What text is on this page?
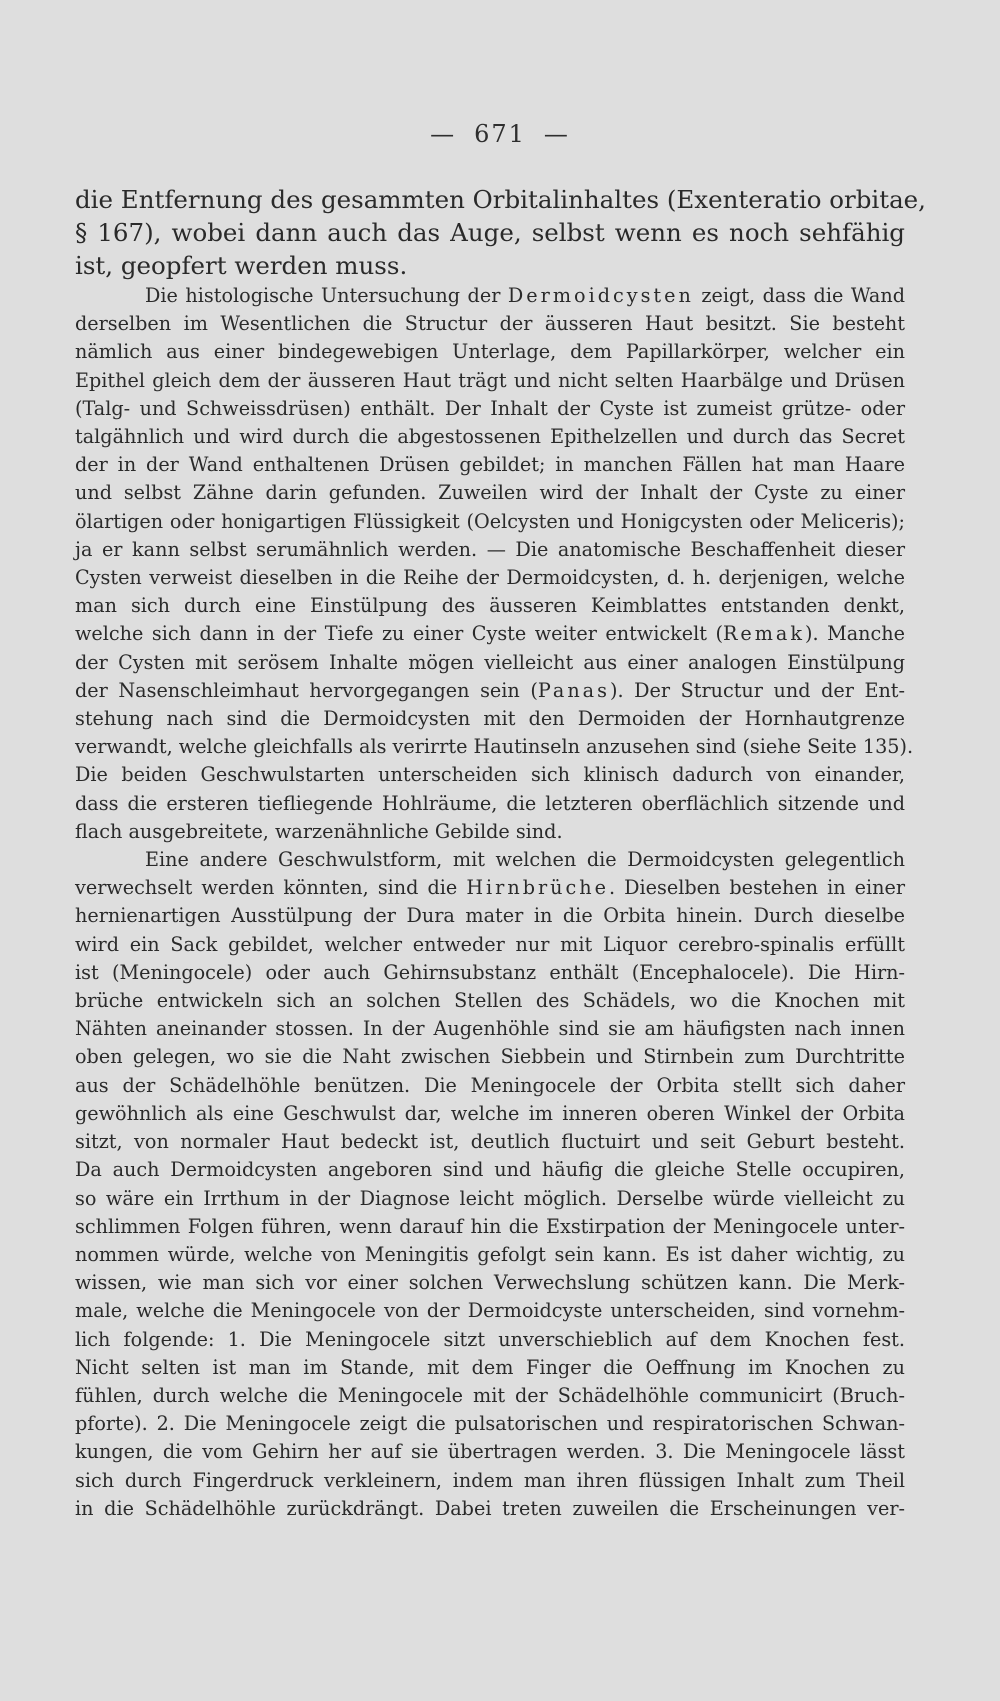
— 671 —
die Entfernung des gesammten Orbitalinhaltes (Exenteratio orbitae,
§ 167), wobei dann auch das Auge, selbst wenn es noch sehfähig
ist, geopfert werden muss.
Die histologische Untersuchung der Dermoidcysten zeigt, dass die Wand
derselben im Wesentlichen die Structur der äusseren Haut besitzt. Sie besteht
nämlich aus einer bindegewebigen Unterlage, dem Papillarkörper, welcher ein
Epithel gleich dem der äusseren Haut trägt und nicht selten Haarbälge und Drüsen
(Talg- und Schweissdrüsen) enthält. Der Inhalt der Cyste ist zumeist grütze- oder
talgähnlich und wird durch die abgestossenen Epithelzellen und durch das Secret
der in der Wand enthaltenen Drüsen gebildet; in manchen Fällen hat man Haare
und selbst Zähne darin gefunden. Zuweilen wird der Inhalt der Cyste zu einer
ölartigen oder honigartigen Flüssigkeit (Oelcysten und Honigcysten oder Meliceris);
ja er kann selbst serumähnlich werden. — Die anatomische Beschaffenheit dieser
Cysten verweist dieselben in die Reihe der Dermoidcysten, d. h. derjenigen, welche
man sich durch eine Einstülpung des äusseren Keimblattes entstanden denkt,
welche sich dann in der Tiefe zu einer Cyste weiter entwickelt (Remak). Manche
der Cysten mit serösem Inhalte mögen vielleicht aus einer analogen Einstülpung
der Nasenschleimhaut hervorgegangen sein (Panas). Der Structur und der Ent-
stehung nach sind die Dermoidcysten mit den Dermoiden der Hornhautgrenze
verwandt, welche gleichfalls als verirrte Hautinseln anzusehen sind (siehe Seite 135).
Die beiden Geschwulstarten unterscheiden sich klinisch dadurch von einander,
dass die ersteren tiefliegende Hohlräume, die letzteren oberflächlich sitzende und
flach ausgebreitete, warzenähnliche Gebilde sind.
Eine andere Geschwulstform, mit welchen die Dermoidcysten gelegentlich
verwechselt werden könnten, sind die Hirnbrüche. Dieselben bestehen in einer
hernienartigen Ausstülpung der Dura mater in die Orbita hinein. Durch dieselbe
wird ein Sack gebildet, welcher entweder nur mit Liquor cerebro-spinalis erfüllt
ist (Meningocele) oder auch Gehirnsubstanz enthält (Encephalocele). Die Hirn-
brüche entwickeln sich an solchen Stellen des Schädels, wo die Knochen mit
Nähten aneinander stossen. In der Augenhöhle sind sie am häufigsten nach innen
oben gelegen, wo sie die Naht zwischen Siebbein und Stirnbein zum Durchtritte
aus der Schädelhöhle benützen. Die Meningocele der Orbita stellt sich daher
gewöhnlich als eine Geschwulst dar, welche im inneren oberen Winkel der Orbita
sitzt, von normaler Haut bedeckt ist, deutlich fluctuirt und seit Geburt besteht.
Da auch Dermoidcysten angeboren sind und häufig die gleiche Stelle occupiren,
so wäre ein Irrthum in der Diagnose leicht möglich. Derselbe würde vielleicht zu
schlimmen Folgen führen, wenn darauf hin die Exstirpation der Meningocele unter-
nommen würde, welche von Meningitis gefolgt sein kann. Es ist daher wichtig, zu
wissen, wie man sich vor einer solchen Verwechslung schützen kann. Die Merk-
male, welche die Meningocele von der Dermoidcyste unterscheiden, sind vornehm-
lich folgende: 1. Die Meningocele sitzt unverschieblich auf dem Knochen fest.
Nicht selten ist man im Stande, mit dem Finger die Oeffnung im Knochen zu
fühlen, durch welche die Meningocele mit der Schädelhöhle communicirt (Bruch-
pforte). 2. Die Meningocele zeigt die pulsatorischen und respiratorischen Schwan-
kungen, die vom Gehirn her auf sie übertragen werden. 3. Die Meningocele lässt
sich durch Fingerdruck verkleinern, indem man ihren flüssigen Inhalt zum Theil
in die Schädelhöhle zurückdrängt. Dabei treten zuweilen die Erscheinungen ver-
